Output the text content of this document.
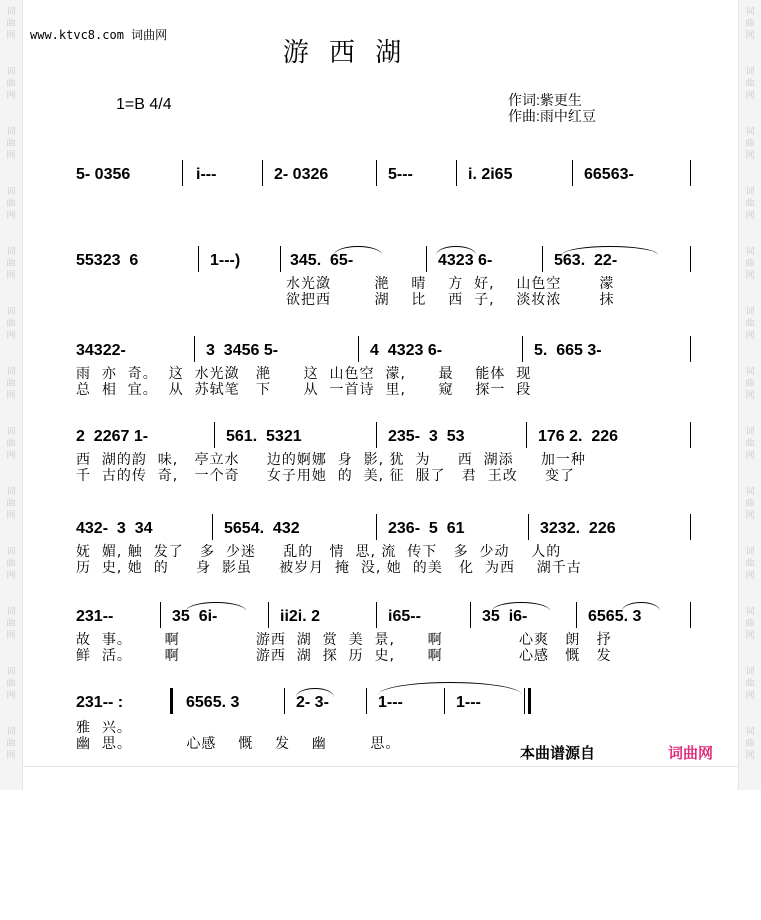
词
曲
网
词
曲
网
词
曲
网
词
曲
网
词
曲
网
词
曲
网
词
曲
网
词
曲
网
词
曲
网
词
曲
网
词
曲
网
词
曲
网
词
曲
网
词
曲
网
词
曲
网
词
曲
网
词
曲
网
词
曲
网
词
曲
网
词
曲
网
词
曲
网
词
曲
网
词
曲
网
词
曲
网
词
曲
网
词
曲
网
www.ktvc8.com 词曲网
游 西 湖
1=B 4/4	作词:紫更生
作曲:雨中红豆

5- 0356

	i---

	2- 0326

	5---

	i. 2i65

	66563-

55323  6

	1---)

	345.  65-

	4323 6-

	563.  22-

水光潋        滟    晴    方  好,    山色空       濛
欲把西        湖    比    西  子,    淡妆浓       抹

34322-

	3  3456 5-

	4  4323 6-

	5.  665 3-

雨  亦  奇。  这  水光潋   滟      这  山色空  濛,      最    能体  现
总  相  宜。  从  苏轼笔   下      从  一首诗  里,      窥    探一  段

2  2267 1-

	561.  5321

	235-  3  53

	176 2.  226

西  湖的韵  味,   亭立水     边的婀娜  身  影, 犹  为     西  湖添     加一种
千  古的传  奇,   一个奇     女子用她  的  美, 征  服了   君  王改     变了

432-  3  34

	5654.  432

	236-  5  61

	3232.  226

妩  媚, 触  发了   多  少迷     乱的   情  思, 流  传下   多  少动    人的
历  史, 她  的     身  影虽     被岁月  掩  没, 她  的美   化  为西    湖千古

231--

	35  6i-

	ii2i. 2

	i65--

	35  i6-

	6565. 3

故  事。      啊              游西  湖  赏  美  景,      啊              心爽   朗   抒
鲜  活。      啊              游西  湖  探  历  史,      啊              心感   慨   发

231-- :

	6565. 3

	2- 3-

	1---

	1---

雅  兴。
幽  思。          心感    慨    发    幽        思。
本曲谱源自	词曲网
